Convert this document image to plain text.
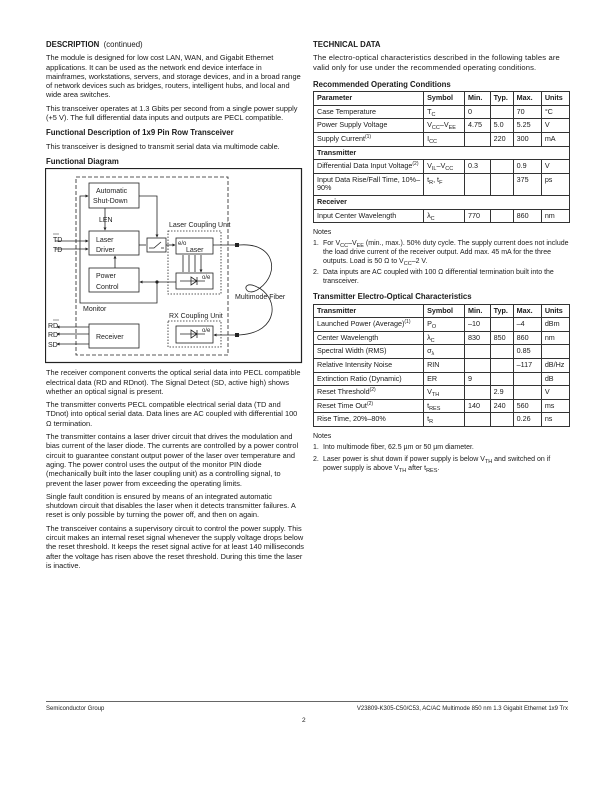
DESCRIPTION (continued)

The module is designed for low cost LAN, WAN, and Gigabit Ethernet applications. It can be used as the network end device interface in mainframes, workstations, servers, and storage devices, and in a broad range of network devices such as bridges, routers, intelligent hubs, and local and wide area switches.

This transceiver operates at 1.3 Gbits per second from a single power supply (+5 V). The full differential data inputs and outputs are PECL compatible.

Functional Description of 1x9 Pin Row Transceiver

This transceiver is designed to transmit serial data via multimode cable.

Functional Diagram
Automatic
Shut-Down
LEN
Laser
Driver
Power
Control
Monitor
Receiver
Laser Coupling Unit
e/o
Laser
o/e
RX Coupling Unit
o/e
Multimode Fiber
TD
TD
RD
RD
SD

The receiver component converts the optical serial data into PECL compatible electrical data (RD and RDnot). The Signal Detect (SD, active high) shows whether an optical signal is present.

The transmitter converts PECL compatible electrical serial data (TD and TDnot) into optical serial data. Data lines are AC coupled with differential 100 Ω termination.

The transmitter contains a laser driver circuit that drives the modulation and bias current of the laser diode. The currents are controlled by a power control circuit to guarantee constant output power of the laser over temperature and aging. The power control uses the output of the monitor PIN diode (mechanically built into the laser coupling unit) as a controlling signal, to prevent the laser power from exceeding the operating limits.

Single fault condition is ensured by means of an integrated automatic shutdown circuit that disables the laser when it detects transmitter failures. A reset is only possible by turning the power off, and then on again.

The transceiver contains a supervisory circuit to control the power supply. This circuit makes an internal reset signal whenever the supply voltage drops below the reset threshold. It keeps the reset signal active for at least 140 milliseconds after the voltage has risen above the reset threshold. During this time the laser is inactive.

TECHNICAL DATA

The electro-optical characteristics described in the following tables are valid only for use under the recommended operating conditions.

Recommended Operating Conditions
Parameter	Symbol	Min.	Typ.	Max.	Units
Case Temperature	$T_C$	0		70	°C
Power Supply Voltage	$V_{CC}-V_{EE}$	4.75	5.0	5.25	V
Supply Current$^{(1)}$	$I_{CC}$		220	300	mA
Transmitter					
Differential Data Input Voltage$^{(2)}$	$V_{IL}-V_{CC}$	0.3		0.9	V
Input Data Rise/Fall Time, 10%–90%	$t_R$, $t_F$			375	ps
Receiver					
Input Center Wavelength	$\lambda_C$	770		860	nm
Notes
1. For $V_{CC}-V_{EE}$ (min., max.). 50% duty cycle. The supply current does not include the load drive current of the receiver output. Add max. 45 mA for the three outputs. Load is 50 Ω to $V_{CC}-2$ V.
2. Data inputs are AC coupled with 100 Ω differential termination built into the transceiver.
Transmitter Electro-Optical Characteristics
Transmitter	Symbol	Min.	Typ.	Max.	Units
Launched Power (Average)$^{(1)}$	$P_O$	–10		–4	dBm
Center Wavelength	$\lambda_C$	830	850	860	nm
Spectral Width (RMS)	$\sigma_\lambda$			0.85	
Relative Intensity Noise	RIN			–117	dB/Hz
Extinction Ratio (Dynamic)	ER	9			dB
Reset Threshold$^{(2)}$	$V_{TH}$		2.9		V
Reset Time Out$^{(2)}$	$t_{RES}$	140	240	560	ms
Rise Time, 20%–80%	$t_R$			0.26	ns
Notes
1. Into multimode fiber, 62.5 µm or 50 µm diameter.
2. Laser power is shut down if power supply is below $V_{TH}$ and switched on if power supply is above $V_{TH}$ after $t_{RES}$.
Semiconductor Group	V23809-K305-C50/C53, AC/AC Multimode 850 nm 1.3 Gigabit Ethernet 1x9 Trx
2
